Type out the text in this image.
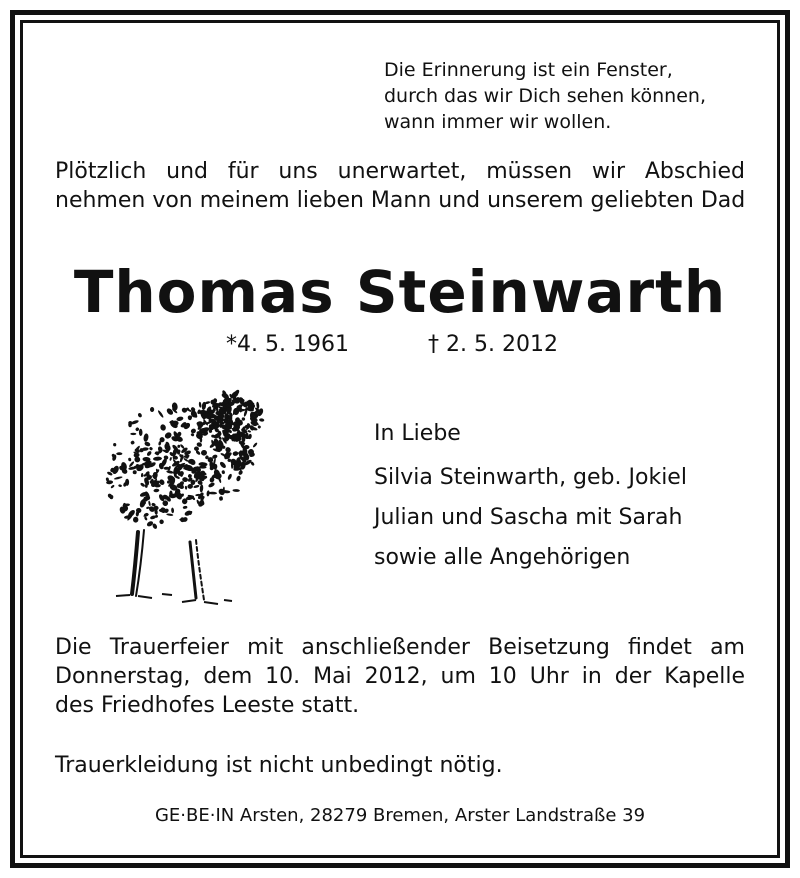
Die Erinnerung ist ein Fenster,
durch das wir Dich sehen können,
wann immer wir wollen.
Plötzlich und für uns unerwartet, müssen wir Abschied
nehmen von meinem lieben Mann und unserem geliebten Dad
Thomas Steinwarth
*4. 5. 1961	† 2. 5. 2012
In Liebe
Silvia Steinwarth, geb. Jokiel
Julian und Sascha mit Sarah
sowie alle Angehörigen
Die Trauerfeier mit anschließender Beisetzung findet am
Donnerstag, dem 10. Mai 2012, um 10 Uhr in der Kapelle
des Friedhofes Leeste statt.
Trauerkleidung ist nicht unbedingt nötig.
GE·BE·IN Arsten, 28279 Bremen, Arster Landstraße 39
